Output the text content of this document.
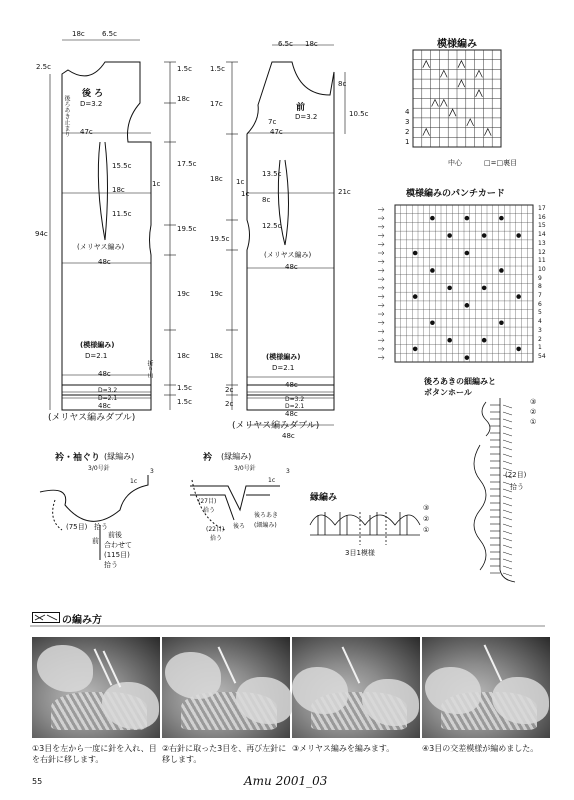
後 ろ
D=3.2
後ろあき止まり
18c 6.5c
94c
2.5c
47c
15.5c
18c
11.5c
1c
(メリヤス編み)
48c
(模様編み)
D=2.1
48c	折り山
D=3.2
D=2.1
48c
1.5c
18c
17.5c
19.5c
19c
18c
1.5c
1.5c
(メリヤス編みダブル)
6.5c 18c
前
D=3.2
8c
7c
10.5c
47c
13.5c
8c
12.5c
21c
1c
(メリヤス編み)
48c
(模様編み)
D=2.1
48c
D=3.2
D=2.1
48c
1.5c
17c
1c
18c
19.5c
19c
18c
2c
2c
(メリヤス編みダブル)
48c
模様編み
4
3
2
1
中心	□=□裏目
模様編みのパンチカード
17
16
15
14
13
12
11
10
9
8
7
6
5
4
3
2
1
54
後ろあきの細編みと
ボタンホール
③
②
①
(22目)
拾う
衿・袖ぐり (縁編み)
3/0号針
1c
3
(75目) 拾う
前
前後
合わせて
(115目)
拾う
衿 (縁編み)
3/0号針
1c
3
(27目)
拾う
(22目)
拾う
後ろ
後ろあき
(細編み)
縁編み
③
②
①
3目1模様
の編み方
①3目を左から一度に針を入れ、目を右針に移します。
②右針に取った3目を、再び左針に移します。
③メリヤス編みを編みます。	④3目の交差模様が編めました。
55	Amu 2001_03
